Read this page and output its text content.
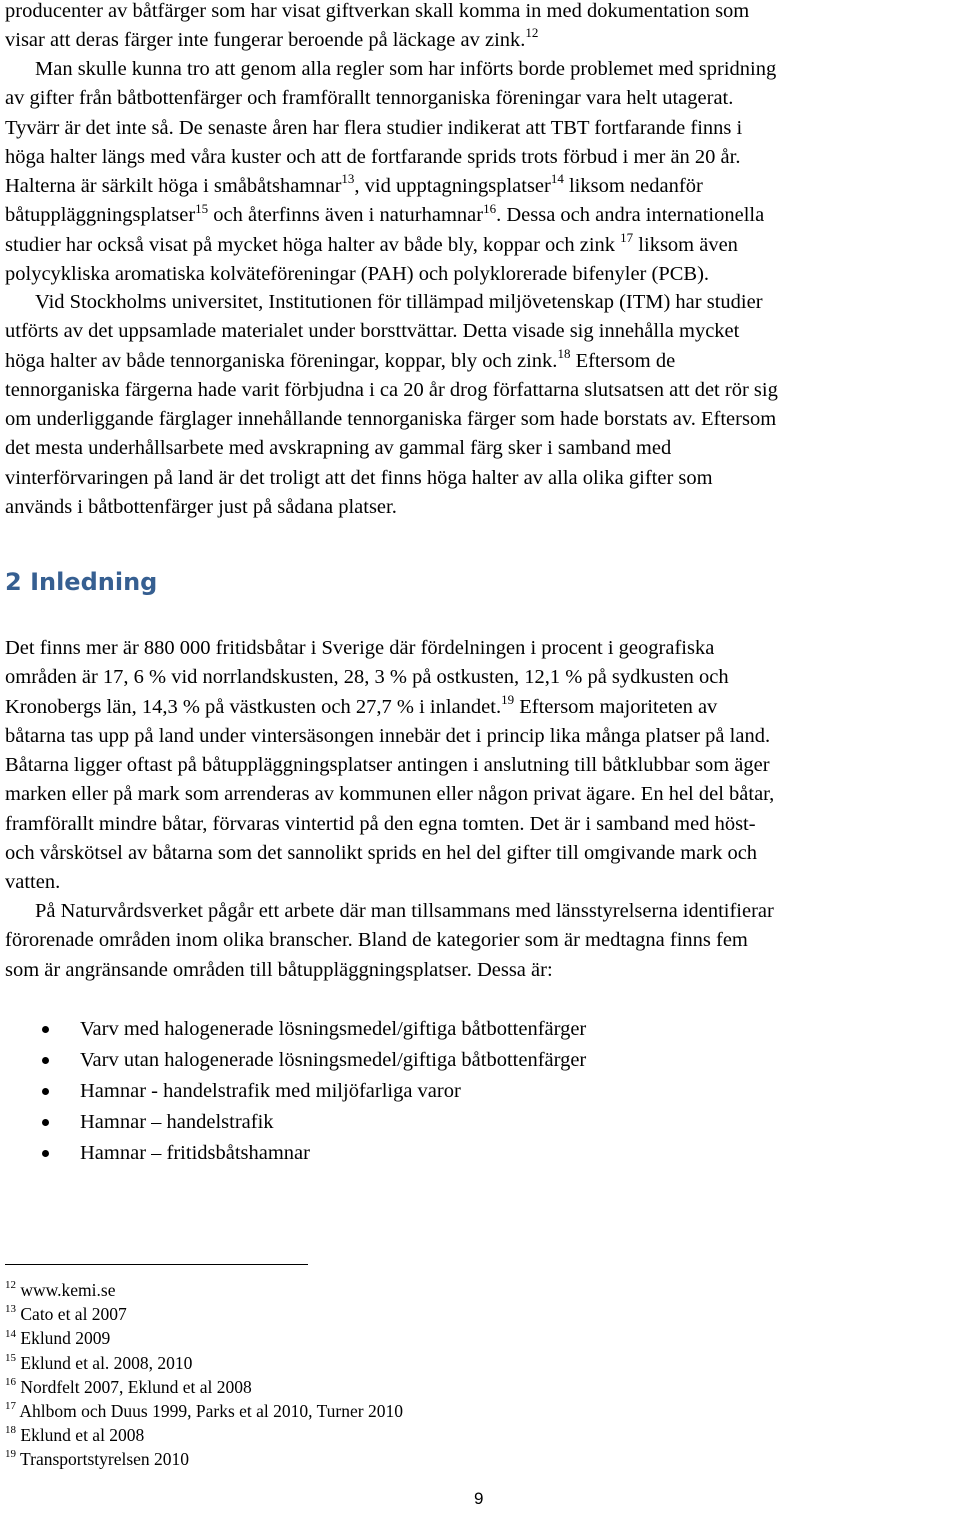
producenter av båtfärger som har visat giftverkan skall komma in med dokumentation som
visar att deras färger inte fungerar beroende på läckage av zink.$^{12}$

Man skulle kunna tro att genom alla regler som har införts borde problemet med spridning
av gifter från båtbottenfärger och framförallt tennorganiska föreningar vara helt utagerat.
Tyvärr är det inte så. De senaste åren har flera studier indikerat att TBT fortfarande finns i
höga halter längs med våra kuster och att de fortfarande sprids trots förbud i mer än 20 år.
Halterna är särkilt höga i småbåtshamnar$^{13}$, vid upptagningsplatser$^{14}$ liksom nedanför
båtuppläggningsplatser$^{15}$ och återfinns även i naturhamnar$^{16}$. Dessa och andra internationella
studier har också visat på mycket höga halter av både bly, koppar och zink $^{17}$ liksom även
polycykliska aromatiska kolväteföreningar (PAH) och polyklorerade bifenyler (PCB).

Vid Stockholms universitet, Institutionen för tillämpad miljövetenskap (ITM) har studier
utförts av det uppsamlade materialet under borsttvättar. Detta visade sig innehålla mycket
höga halter av både tennorganiska föreningar, koppar, bly och zink.$^{18}$ Eftersom de
tennorganiska färgerna hade varit förbjudna i ca 20 år drog författarna slutsatsen att det rör sig
om underliggande färglager innehållande tennorganiska färger som hade borstats av. Eftersom
det mesta underhållsarbete med avskrapning av gammal färg sker i samband med
vinterförvaringen på land är det troligt att det finns höga halter av alla olika gifter som
används i båtbottenfärger just på sådana platser.

2 Inledning

Det finns mer är 880 000 fritidsbåtar i Sverige där fördelningen i procent i geografiska
områden är 17, 6 % vid norrlandskusten, 28, 3 % på ostkusten, 12,1 % på sydkusten och
Kronobergs län, 14,3 % på västkusten och 27,7 % i inlandet.$^{19}$ Eftersom majoriteten av
båtarna tas upp på land under vintersäsongen innebär det i princip lika många platser på land.
Båtarna ligger oftast på båtuppläggningsplatser antingen i anslutning till båtklubbar som äger
marken eller på mark som arrenderas av kommunen eller någon privat ägare. En hel del båtar,
framförallt mindre båtar, förvaras vintertid på den egna tomten. Det är i samband med höst-
och vårskötsel av båtarna som det sannolikt sprids en hel del gifter till omgivande mark och
vatten.

På Naturvårdsverket pågår ett arbete där man tillsammans med länsstyrelserna identifierar
förorenade områden inom olika branscher. Bland de kategorier som är medtagna finns fem
som är angränsande områden till båtuppläggningsplatser. Dessa är:

Varv med halogenerade lösningsmedel/giftiga båtbottenfärger
Varv utan halogenerade lösningsmedel/giftiga båtbottenfärger
Hamnar - handelstrafik med miljöfarliga varor
Hamnar – handelstrafik
Hamnar – fritidsbåtshamnar
$^{12}$ www.kemi.se
$^{13}$ Cato et al 2007
$^{14}$ Eklund 2009
$^{15}$ Eklund et al. 2008, 2010
$^{16}$ Nordfelt 2007, Eklund et al 2008
$^{17}$ Ahlbom och Duus 1999, Parks et al 2010, Turner 2010
$^{18}$ Eklund et al 2008
$^{19}$ Transportstyrelsen 2010
9
